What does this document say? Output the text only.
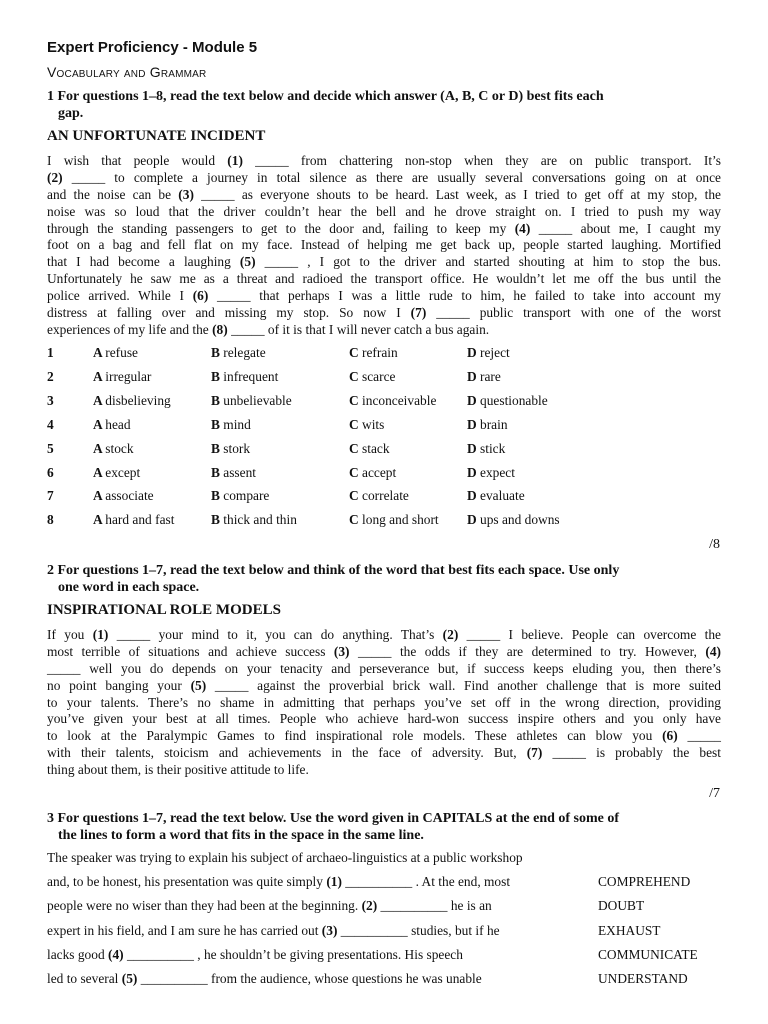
Expert Proficiency - Module 5
Vocabulary and Grammar
1 For questions 1–8, read the text below and decide which answer (A, B, C or D) best fits each
gap.
AN UNFORTUNATE INCIDENT
I wish that people would (1) _____ from chattering non-stop when they are on public transport. It’s
(2) _____ to complete a journey in total silence as there are usually several conversations going on at once
and the noise can be (3) _____ as everyone shouts to be heard. Last week, as I tried to get off at my stop, the
noise was so loud that the driver couldn’t hear the bell and he drove straight on. I tried to push my way
through the standing passengers to get to the door and, failing to keep my (4) _____ about me, I caught my
foot on a bag and fell flat on my face. Instead of helping me get back up, people started laughing. Mortified
that I had become a laughing (5) _____ , I got to the driver and started shouting at him to stop the bus.
Unfortunately he saw me as a threat and radioed the transport office. He wouldn’t let me off the bus until the
police arrived. While I (6) _____ that perhaps I was a little rude to him, he failed to take into account my
distress at falling over and missing my stop. So now I (7) _____ public transport with one of the worst
experiences of my life and the (8) _____ of it is that I will never catch a bus again.
1	A refuse	B relegate	C refrain	D reject
2	A irregular	B infrequent	C scarce	D rare
3	A disbelieving	B unbelievable	C inconceivable D questionable
4	A head	B mind	C wits	D brain
5	A stock	B stork	C stack	D stick
6	A except	B assent	C accept	D expect
7	A associate	B compare	C correlate	D evaluate
8	A hard and fast	B thick and thin	C long and short D ups and downs
/8
2 For questions 1–7, read the text below and think of the word that best fits each space. Use only
one word in each space.
INSPIRATIONAL ROLE MODELS
If you (1) _____ your mind to it, you can do anything. That’s (2) _____ I believe. People can overcome the
most terrible of situations and achieve success (3) _____ the odds if they are determined to try. However, (4)
_____ well you do depends on your tenacity and perseverance but, if success keeps eluding you, then there’s
no point banging your (5) _____ against the proverbial brick wall. Find another challenge that is more suited
to your talents. There’s no shame in admitting that perhaps you’ve set off in the wrong direction, providing
you’ve given your best at all times. People who achieve hard-won success inspire others and you only have
to look at the Paralympic Games to find inspirational role models. These athletes can blow you (6) _____
with their talents, stoicism and achievements in the face of adversity. But, (7) _____ is probably the best
thing about them, is their positive attitude to life.
/7
3 For questions 1–7, read the text below. Use the word given in CAPITALS at the end of some of
the lines to form a word that fits in the space in the same line.
The speaker was trying to explain his subject of archaeo-linguistics at a public workshop
and, to be honest, his presentation was quite simply (1) __________ . At the end, most	COMPREHEND
people were no wiser than they had been at the beginning. (2) __________ he is an	DOUBT
expert in his field, and I am sure he has carried out (3) __________ studies, but if he	EXHAUST
lacks good (4) __________ , he shouldn’t be giving presentations. His speech	COMMUNICATE
led to several (5) __________ from the audience, whose questions he was unable	UNDERSTAND
